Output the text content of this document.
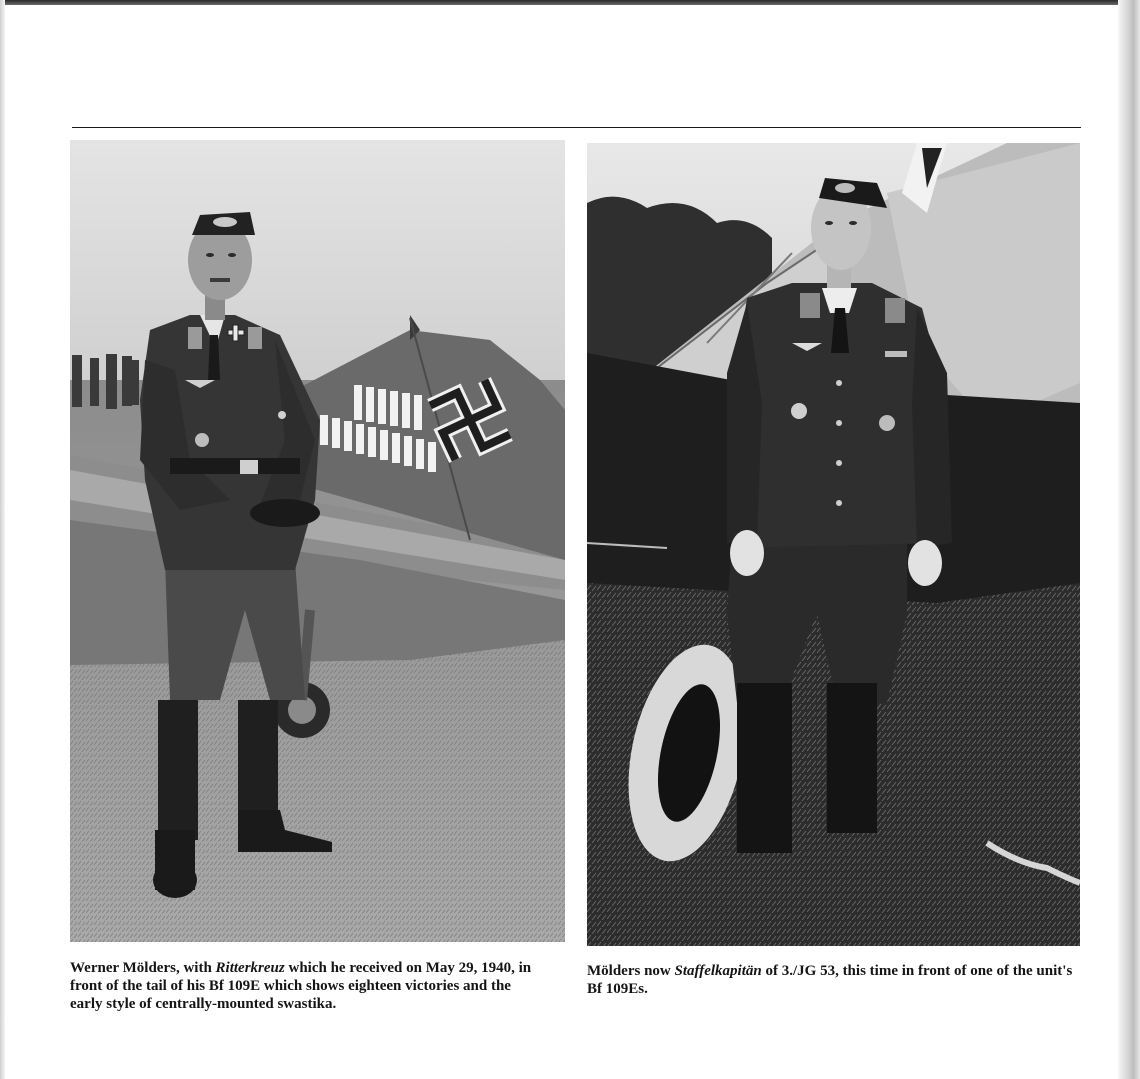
Werner Mölders, with Ritterkreuz which he received on May 29, 1940, in front of the tail of his Bf 109E which shows eighteen victories and the early style of centrally-mounted swastika.
Mölders now Staffelkapitän of 3./JG 53, this time in front of one of the unit's Bf 109Es.
